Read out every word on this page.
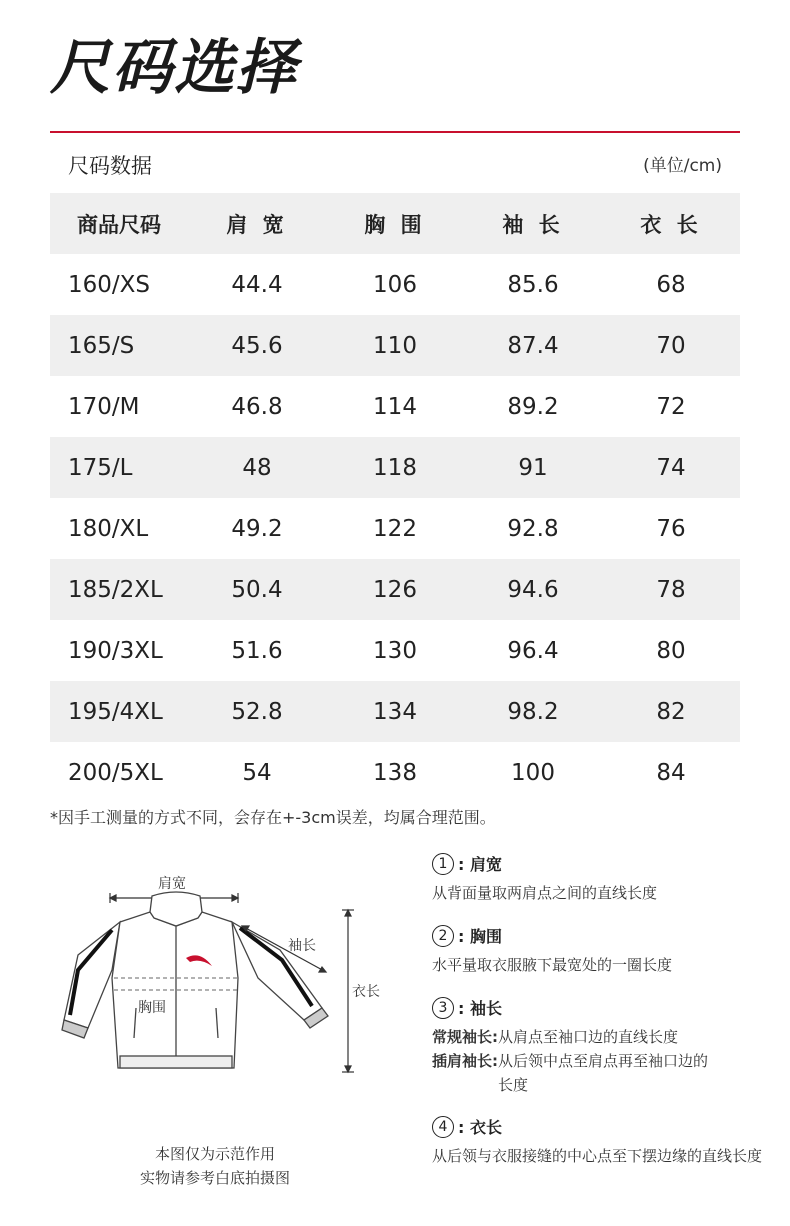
尺码选择
尺码数据	(单位/cm)
商品尺码	肩 宽	胸 围	袖 长	衣 长
160/XS	44.4	106	85.6	68
165/S	45.6	110	87.4	70
170/M	46.8	114	89.2	72
175/L	48	118	91	74
180/XL	49.2	122	92.8	76
185/2XL	50.4	126	94.6	78
190/3XL	51.6	130	96.4	80
195/4XL	52.8	134	98.2	82
200/5XL	54	138	100	84
*因手工测量的方式不同，会存在+-3cm误差，均属合理范围。
肩宽
胸围
袖长
衣长
本图仅为示范作用
实物请参考白底拍摄图
1 : 肩宽
从背面量取两肩点之间的直线长度
2 : 胸围
水平量取衣服腋下最宽处的一圈长度
3 : 袖长
常规袖长: 从肩点至袖口边的直线长度
插肩袖长: 从后领中点至肩点再至袖口边的长度
4 : 衣长
从后领与衣服接缝的中心点至下摆边缘的直线长度
